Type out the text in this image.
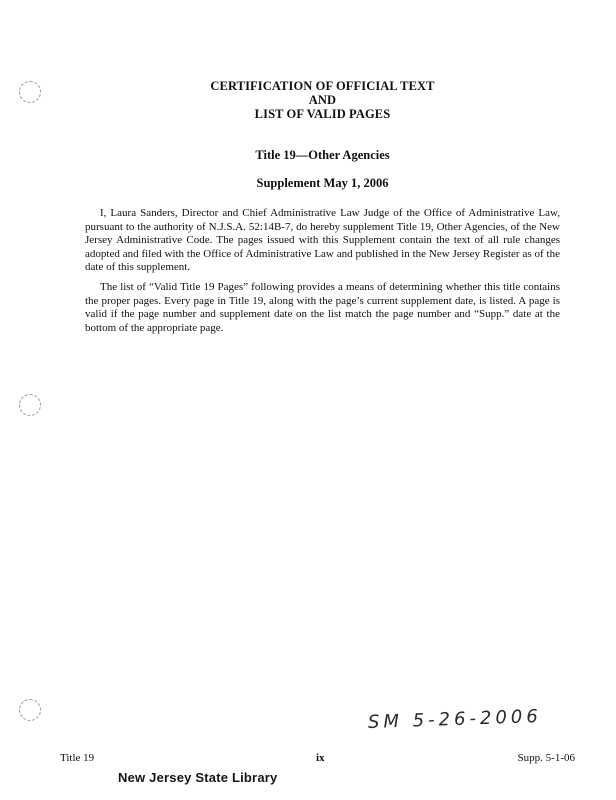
CERTIFICATION OF OFFICIAL TEXT
AND
LIST OF VALID PAGES
Title 19—Other Agencies
Supplement May 1, 2006

I, Laura Sanders, Director and Chief Administrative Law Judge of the Office of Administrative Law, pursuant to the authority of N.J.S.A. 52:14B-7, do hereby supplement Title 19, Other Agencies, of the New Jersey Administrative Code. The pages issued with this Supplement contain the text of all rule changes adopted and filed with the Office of Administrative Law and published in the New Jersey Register as of the date of this supplement.

The list of “Valid Title 19 Pages” following provides a means of determining whether this title contains the proper pages. Every page in Title 19, along with the page’s current supplement date, is listed. A page is valid if the page number and supplement date on the list match the page number and “Supp.” date at the bottom of the appropriate page.

SM 5-26-2006
Title 19	ix	Supp. 5-1-06
New Jersey State Library
